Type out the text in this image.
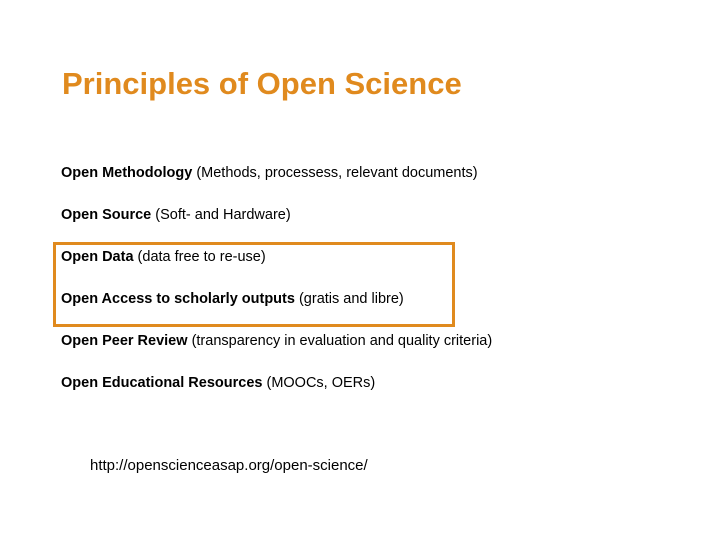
Principles of Open Science
Open Methodology (Methods, processess, relevant documents)
Open Source (Soft- and Hardware)
Open Data (data free to re-use)
Open Access to scholarly outputs (gratis and libre)
Open Peer Review (transparency in evaluation and quality criteria)
Open Educational Resources (MOOCs, OERs)
http://openscienceasap.org/open-science/
